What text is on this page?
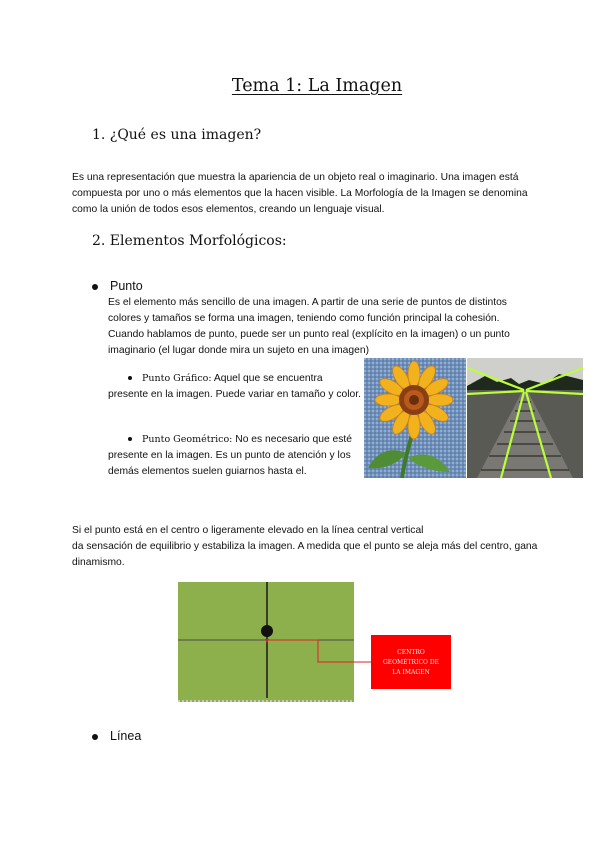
Tema 1: La Imagen
1. ¿Qué es una imagen?
Es una representación que muestra la apariencia de un objeto real o imaginario. Una imagen está compuesta por uno o más elementos que la hacen visible. La Morfología de la Imagen se denomina como la unión de todos esos elementos, creando un lenguaje visual.
2. Elementos Morfológicos:
Punto
Es el elemento más sencillo de una imagen. A partir de una serie de puntos de distintos colores y tamaños se forma una imagen, teniendo como función principal la cohesión. Cuando hablamos de punto, puede ser un punto real (explícito en la imagen) o un punto imaginario (el lugar donde mira un sujeto en una imagen)
Punto Gráfico: Aquel que se encuentra presente en la imagen. Puede variar en tamaño y color.
Punto Geométrico: No es necesario que esté presente en la imagen. Es un punto de atención y los demás elementos suelen guiarnos hasta el.
Si el punto está en el centro o ligeramente elevado en la línea central vertical
da sensación de equilibrio y estabiliza la imagen. A medida que el punto se aleja más del centro, gana dinamismo.
CENTRO
GEOMÉTRICO DE
LA IMAGEN
Línea
